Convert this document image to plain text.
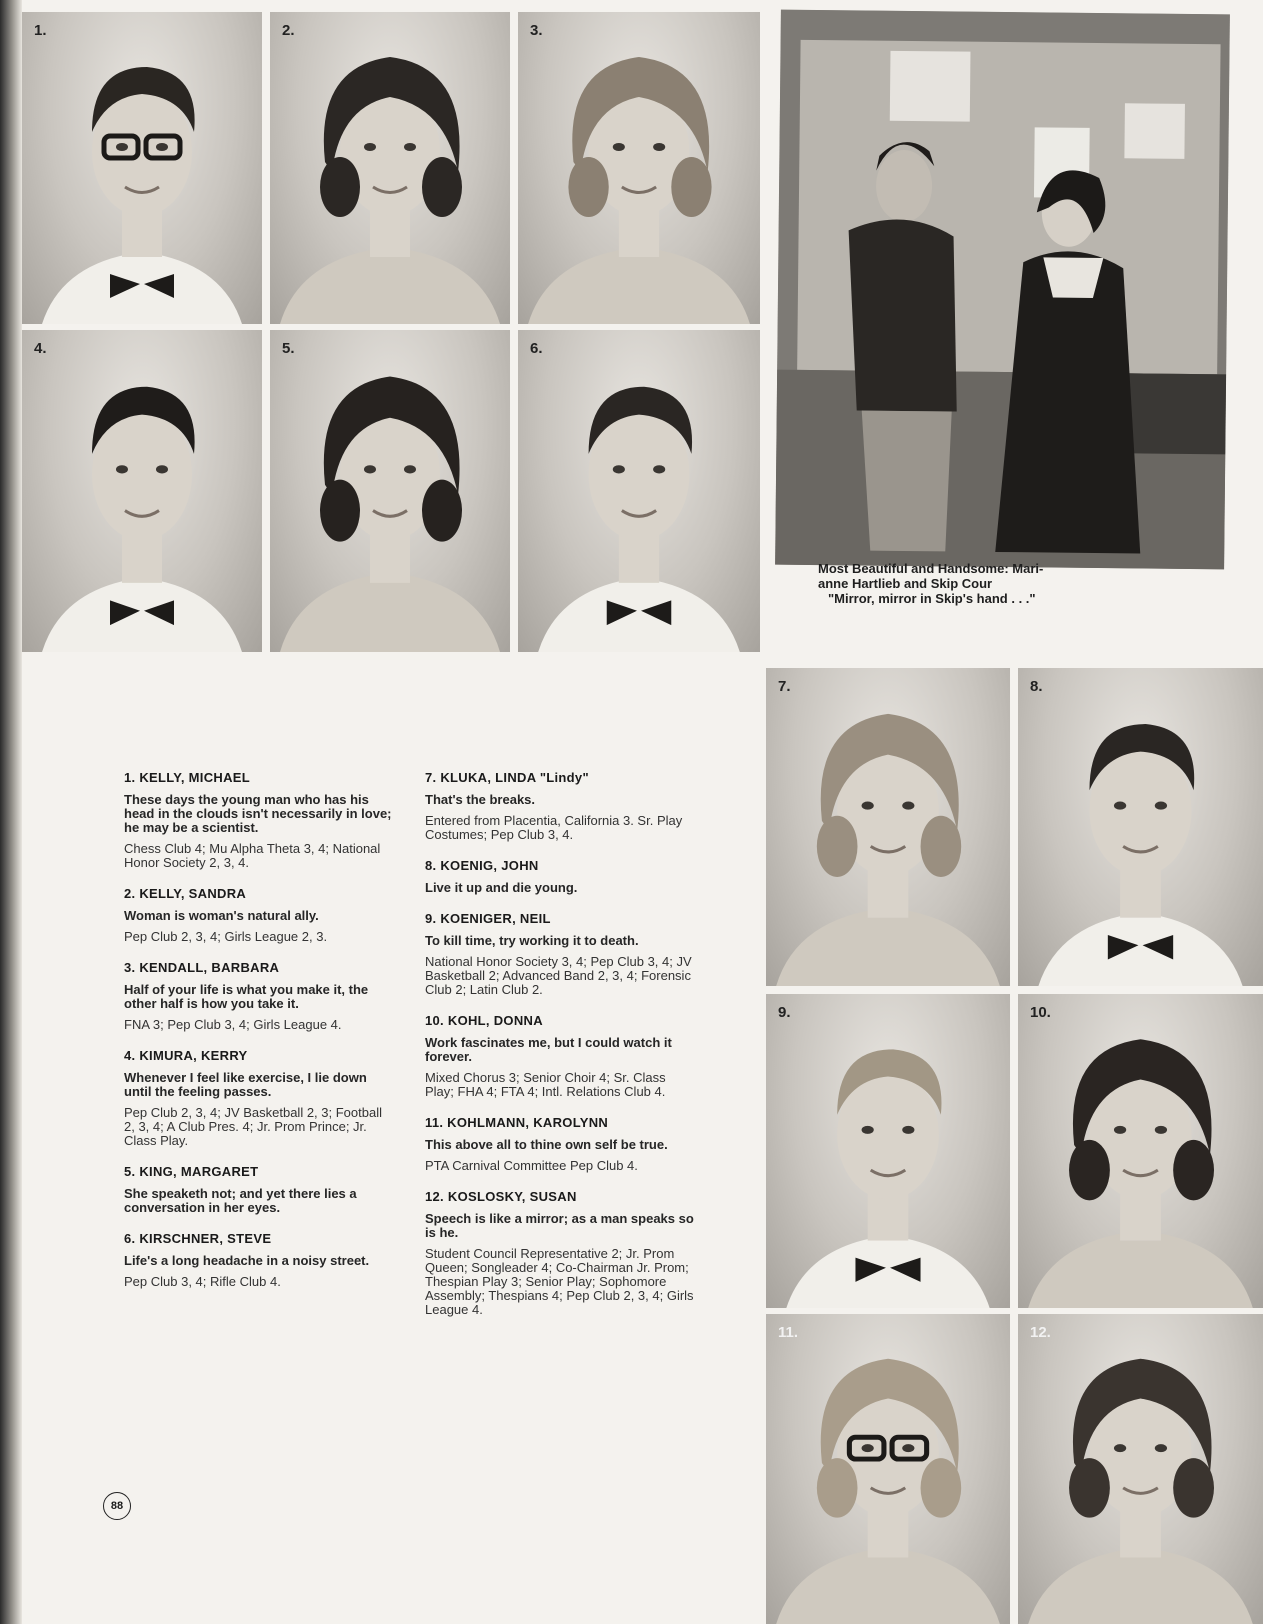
1.	2.	3.
4.	5.	6.
7.	8.
9.	10.
11.	12.
Most Beautiful and Handsome: Mari-
anne Hartlieb and Skip Cour
"Mirror, mirror in Skip's hand . . ."
1. KELLY, MICHAEL
These days the young man who has his head in the clouds isn't necessarily in love; he may be a scientist.
Chess Club 4; Mu Alpha Theta 3, 4; National Honor Society 2, 3, 4.
2. KELLY, SANDRA
Woman is woman's natural ally.
Pep Club 2, 3, 4; Girls League 2, 3.
3. KENDALL, BARBARA
Half of your life is what you make it, the other half is how you take it.
FNA 3; Pep Club 3, 4; Girls League 4.
4. KIMURA, KERRY
Whenever I feel like exercise, I lie down until the feeling passes.
Pep Club 2, 3, 4; JV Basketball 2, 3; Football 2, 3, 4; A Club Pres. 4; Jr. Prom Prince; Jr. Class Play.
5. KING, MARGARET
She speaketh not; and yet there lies a conversation in her eyes.
6. KIRSCHNER, STEVE
Life's a long headache in a noisy street.
Pep Club 3, 4; Rifle Club 4.
7. KLUKA, LINDA "Lindy"
That's the breaks.
Entered from Placentia, California 3. Sr. Play Costumes; Pep Club 3, 4.
8. KOENIG, JOHN
Live it up and die young.
9. KOENIGER, NEIL
To kill time, try working it to death.
National Honor Society 3, 4; Pep Club 3, 4; JV Basketball 2; Advanced Band 2, 3, 4; Forensic Club 2; Latin Club 2.
10. KOHL, DONNA
Work fascinates me, but I could watch it forever.
Mixed Chorus 3; Senior Choir 4; Sr. Class Play; FHA 4; FTA 4; Intl. Relations Club 4.
11. KOHLMANN, KAROLYNN
This above all to thine own self be true.
PTA Carnival Committee Pep Club 4.
12. KOSLOSKY, SUSAN
Speech is like a mirror; as a man speaks so is he.
Student Council Representative 2; Jr. Prom Queen; Songleader 4; Co-Chairman Jr. Prom; Thespian Play 3; Senior Play; Sophomore Assembly; Thespians 4; Pep Club 2, 3, 4; Girls League 4.
88
